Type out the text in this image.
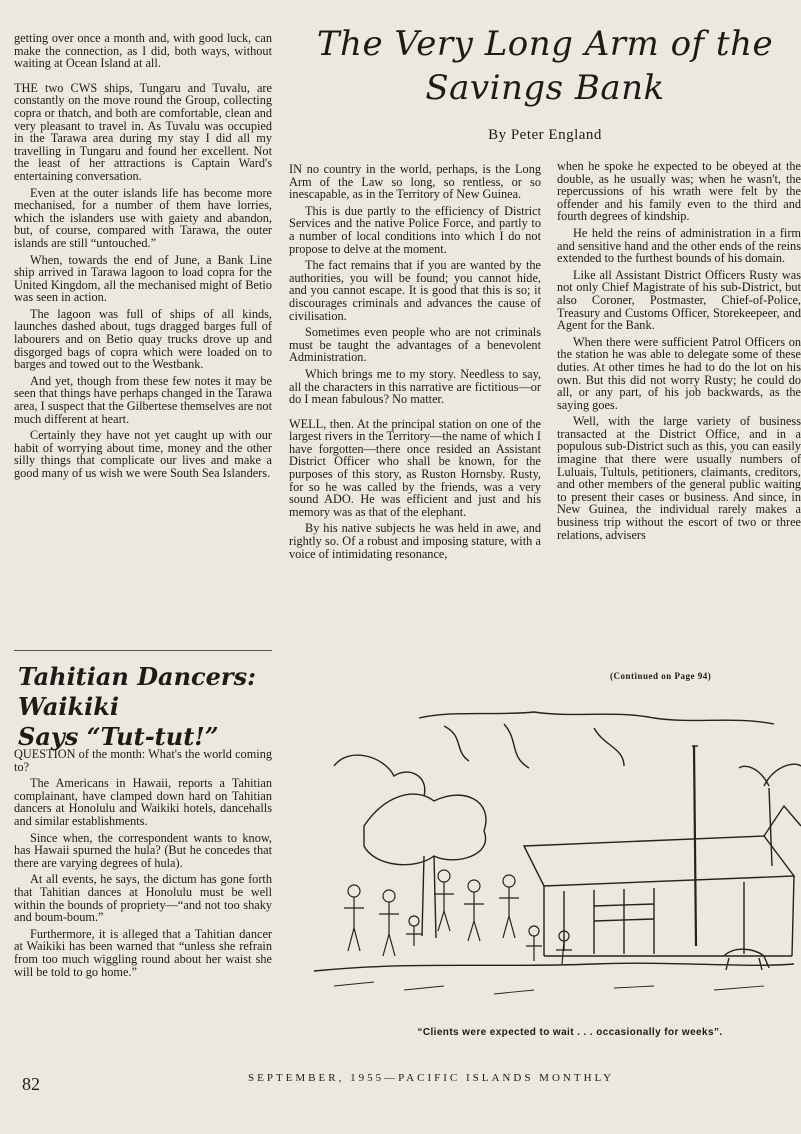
getting over once a month and, with good luck, can make the connection, as I did, both ways, without waiting at Ocean Island at all.

THE two CWS ships, Tungaru and Tuvalu, are constantly on the move round the Group, collecting copra or thatch, and both are comfortable, clean and very pleasant to travel in. As Tuvalu was occupied in the Tarawa area during my stay I did all my travelling in Tungaru and found her excellent. Not the least of her attractions is Captain Ward's entertaining conversation.

Even at the outer islands life has become more mechanised, for a number of them have lorries, which the islanders use with gaiety and abandon, but, of course, compared with Tarawa, the outer islands are still “untouched.”

When, towards the end of June, a Bank Line ship arrived in Tarawa lagoon to load copra for the United Kingdom, all the mechanised might of Betio was seen in action.

The lagoon was full of ships of all kinds, launches dashed about, tugs dragged barges full of labourers and on Betio quay trucks drove up and disgorged bags of copra which were loaded on to barges and towed out to the Westbank.

And yet, though from these few notes it may be seen that things have perhaps changed in the Tarawa area, I suspect that the Gilbertese themselves are not much different at heart.

Certainly they have not yet caught up with our habit of worrying about time, money and the other silly things that complicate our lives and make a good many of us wish we were South Sea Islanders.

Tahitian Dancers:
Waikiki
Says “Tut-tut!”

QUESTION of the month: What's the world coming to?

The Americans in Hawaii, reports a Tahitian complainant, have clamped down hard on Tahitian dancers at Honolulu and Waikiki hotels, dancehalls and similar establishments.

Since when, the correspondent wants to know, has Hawaii spurned the hula? (But he concedes that there are varying degrees of hula).

At all events, he says, the dictum has gone forth that Tahitian dances at Honolulu must be well within the bounds of propriety—“and not too shaky and boum-boum.”

Furthermore, it is alleged that a Tahitian dancer at Waikiki has been warned that “unless she refrain from too much wiggling round about her waist she will be told to go home.”

The Very Long Arm of the
Savings Bank
By Peter England

IN no country in the world, perhaps, is the Long Arm of the Law so long, so rentless, or so inescapable, as in the Territory of New Guinea.

This is due partly to the efficiency of District Services and the native Police Force, and partly to a number of local conditions into which I do not propose to delve at the moment.

The fact remains that if you are wanted by the authorities, you will be found; you cannot hide, and you cannot escape. It is good that this is so; it discourages criminals and advances the cause of civilisation.

Sometimes even people who are not criminals must be taught the advantages of a benevolent Administration.

Which brings me to my story. Needless to say, all the characters in this narrative are fictitious—or do I mean fabulous? No matter.

WELL, then. At the principal station on one of the largest rivers in the Territory—the name of which I have forgotten—there once resided an Assistant District Officer who shall be known, for the purposes of this story, as Ruston Hornsby. Rusty, for so he was called by the friends, was a very sound ADO. He was efficient and just and his memory was as that of the elephant.

By his native subjects he was held in awe, and rightly so. Of a robust and imposing stature, with a voice of intimidating resonance,

when he spoke he expected to be obeyed at the double, as he usually was; when he wasn't, the repercussions of his wrath were felt by the offender and his family even to the third and fourth degrees of kindship.

He held the reins of administration in a firm and sensitive hand and the other ends of the reins extended to the furthest bounds of his domain.

Like all Assistant District Officers Rusty was not only Chief Magistrate of his sub-District, but also Coroner, Postmaster, Chief-of-Police, Treasury and Customs Officer, Storekeepeer, and Agent for the Bank.

When there were sufficient Patrol Officers on the station he was able to delegate some of these duties. At other times he had to do the lot on his own. But this did not worry Rusty; he could do all, or any part, of his job backwards, as the saying goes.

Well, with the large variety of business transacted at the District Office, and in a populous sub-District such as this, you can easily imagine that there were usually numbers of Luluais, Tultuls, petitioners, claimants, creditors, and other members of the general public waiting to present their cases or business. And since, in New Guinea, the individual rarely makes a business trip without the escort of two or three relations, advisers

(Continued on Page 94)
“Clients were expected to wait . . . occasionally for weeks”.
82	SEPTEMBER, 1955—PACIFIC ISLANDS MONTHLY
